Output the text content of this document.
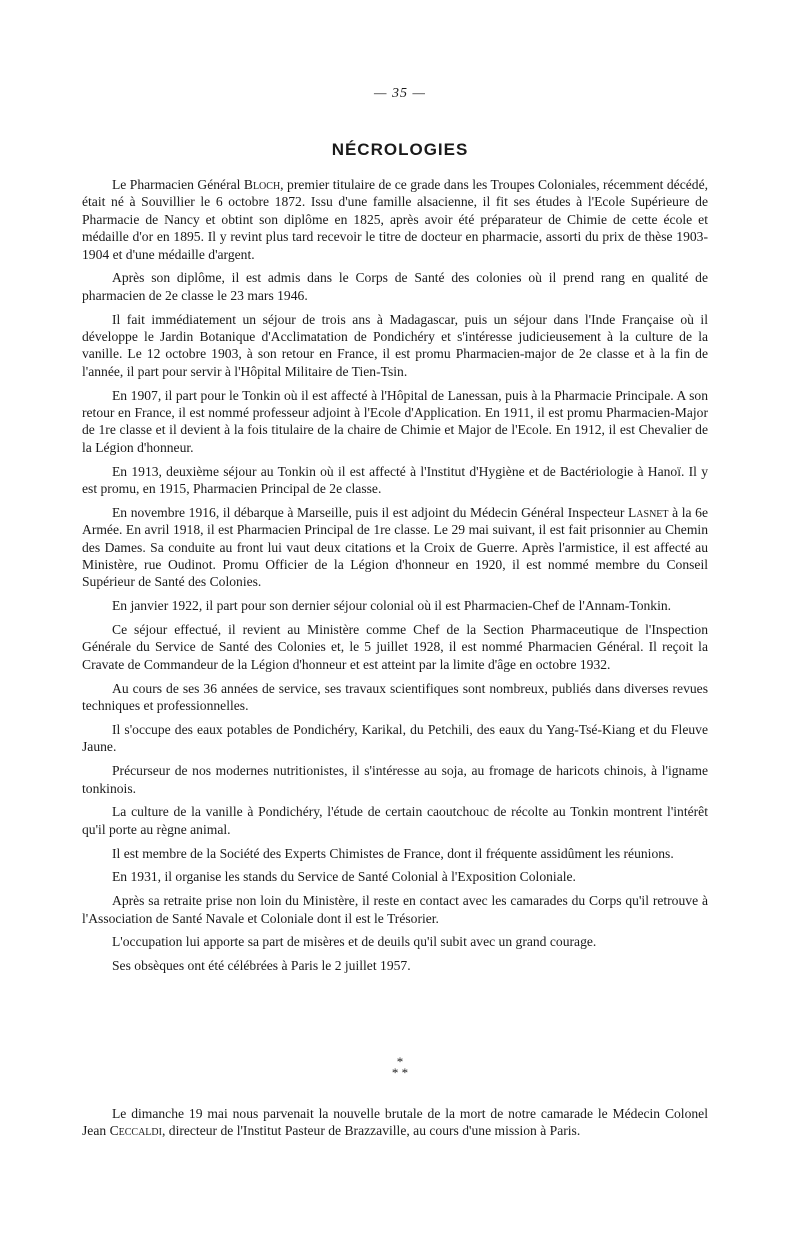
— 35 —
NÉCROLOGIES

Le Pharmacien Général Bloch, premier titulaire de ce grade dans les Troupes Coloniales, récemment décédé, était né à Souvillier le 6 octobre 1872. Issu d'une famille alsacienne, il fit ses études à l'Ecole Supérieure de Pharmacie de Nancy et obtint son diplôme en 1825, après avoir été préparateur de Chimie de cette école et médaille d'or en 1895. Il y revint plus tard recevoir le titre de docteur en pharmacie, assorti du prix de thèse 1903-1904 et d'une médaille d'argent.

Après son diplôme, il est admis dans le Corps de Santé des colonies où il prend rang en qualité de pharmacien de 2e classe le 23 mars 1946.

Il fait immédiatement un séjour de trois ans à Madagascar, puis un séjour dans l'Inde Française où il développe le Jardin Botanique d'Acclimatation de Pondichéry et s'intéresse judicieusement à la culture de la vanille. Le 12 octobre 1903, à son retour en France, il est promu Pharmacien-major de 2e classe et à la fin de l'année, il part pour servir à l'Hôpital Militaire de Tien-Tsin.

En 1907, il part pour le Tonkin où il est affecté à l'Hôpital de Lanessan, puis à la Pharmacie Principale. A son retour en France, il est nommé professeur adjoint à l'Ecole d'Application. En 1911, il est promu Pharmacien-Major de 1re classe et il devient à la fois titulaire de la chaire de Chimie et Major de l'Ecole. En 1912, il est Chevalier de la Légion d'honneur.

En 1913, deuxième séjour au Tonkin où il est affecté à l'Institut d'Hygiène et de Bactériologie à Hanoï. Il y est promu, en 1915, Pharmacien Principal de 2e classe.

En novembre 1916, il débarque à Marseille, puis il est adjoint du Médecin Général Inspecteur Lasnet à la 6e Armée. En avril 1918, il est Pharmacien Principal de 1re classe. Le 29 mai suivant, il est fait prisonnier au Chemin des Dames. Sa conduite au front lui vaut deux citations et la Croix de Guerre. Après l'armistice, il est affecté au Ministère, rue Oudinot. Promu Officier de la Légion d'honneur en 1920, il est nommé membre du Conseil Supérieur de Santé des Colonies.

En janvier 1922, il part pour son dernier séjour colonial où il est Pharmacien-Chef de l'Annam-Tonkin.

Ce séjour effectué, il revient au Ministère comme Chef de la Section Pharmaceutique de l'Inspection Générale du Service de Santé des Colonies et, le 5 juillet 1928, il est nommé Pharmacien Général. Il reçoit la Cravate de Commandeur de la Légion d'honneur et est atteint par la limite d'âge en octobre 1932.

Au cours de ses 36 années de service, ses travaux scientifiques sont nombreux, publiés dans diverses revues techniques et professionnelles.

Il s'occupe des eaux potables de Pondichéry, Karikal, du Petchili, des eaux du Yang-Tsé-Kiang et du Fleuve Jaune.

Précurseur de nos modernes nutritionistes, il s'intéresse au soja, au fromage de haricots chinois, à l'igname tonkinois.

La culture de la vanille à Pondichéry, l'étude de certain caoutchouc de récolte au Tonkin montrent l'intérêt qu'il porte au règne animal.

Il est membre de la Société des Experts Chimistes de France, dont il fréquente assidûment les réunions.

En 1931, il organise les stands du Service de Santé Colonial à l'Exposition Coloniale.

Après sa retraite prise non loin du Ministère, il reste en contact avec les camarades du Corps qu'il retrouve à l'Association de Santé Navale et Coloniale dont il est le Trésorier.

L'occupation lui apporte sa part de misères et de deuils qu'il subit avec un grand courage.

Ses obsèques ont été célébrées à Paris le 2 juillet 1957.

*
* *

Le dimanche 19 mai nous parvenait la nouvelle brutale de la mort de notre camarade le Médecin Colonel Jean Ceccaldi, directeur de l'Institut Pasteur de Brazzaville, au cours d'une mission à Paris.
